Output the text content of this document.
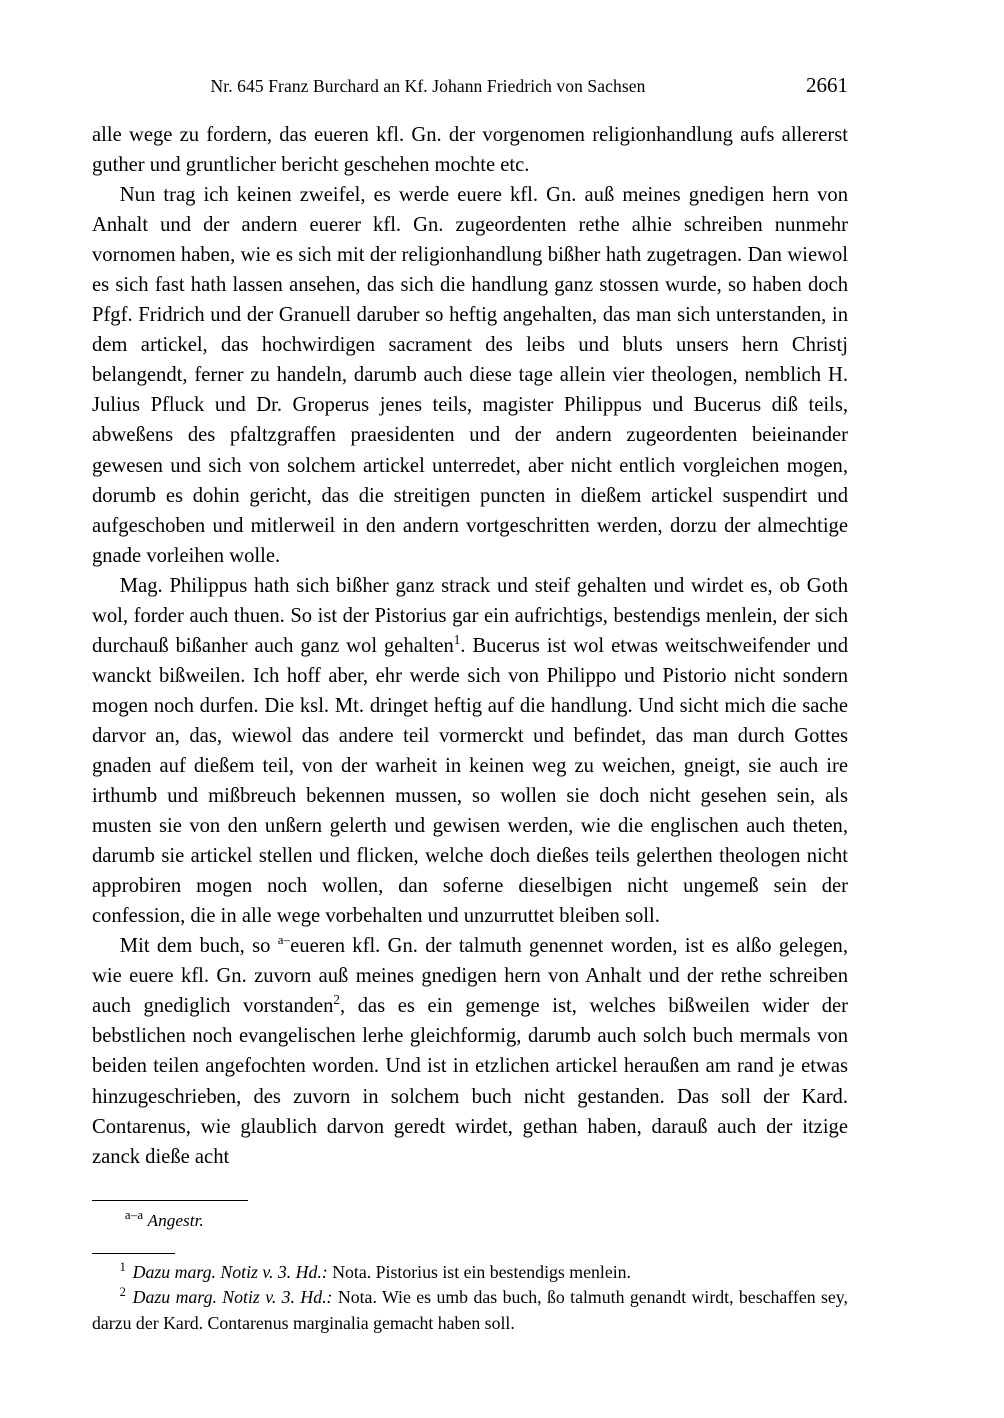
Nr. 645 Franz Burchard an Kf. Johann Friedrich von Sachsen	2661

alle wege zu fordern, das eueren kfl. Gn. der vorgenomen religionhandlung aufs allererst guther und gruntlicher bericht geschehen mochte etc.

Nun trag ich keinen zweifel, es werde euere kfl. Gn. auß meines gnedigen hern von Anhalt und der andern euerer kfl. Gn. zugeordenten rethe alhie schreiben nunmehr vornomen haben, wie es sich mit der religionhandlung bißher hath zugetragen. Dan wiewol es sich fast hath lassen ansehen, das sich die handlung ganz stossen wurde, so haben doch Pfgf. Fridrich und der Granuell daruber so heftig angehalten, das man sich unterstanden, in dem artickel, das hochwirdigen sacrament des leibs und bluts unsers hern Christj belangendt, ferner zu handeln, darumb auch diese tage allein vier theologen, nemblich H. Julius Pfluck und Dr. Groperus jenes teils, magister Philippus und Bucerus diß teils, abweßens des pfaltzgraffen praesidenten und der andern zugeordenten beieinander gewesen und sich von solchem artickel unterredet, aber nicht entlich vorgleichen mogen, dorumb es dohin gericht, das die streitigen puncten in dießem artickel suspendirt und aufgeschoben und mitlerweil in den andern vortgeschritten werden, dorzu der almechtige gnade vorleihen wolle.

Mag. Philippus hath sich bißher ganz strack und steif gehalten und wirdet es, ob Goth wol, forder auch thuen. So ist der Pistorius gar ein aufrichtigs, bestendigs menlein, der sich durchauß bißanher auch ganz wol gehalten$^1$. Bucerus ist wol etwas weitschweifender und wanckt bißweilen. Ich hoff aber, ehr werde sich von Philippo und Pistorio nicht sondern mogen noch durfen. Die ksl. Mt. dringet heftig auf die handlung. Und sicht mich die sache darvor an, das, wiewol das andere teil vormerckt und befindet, das man durch Gottes gnaden auf dießem teil, von der warheit in keinen weg zu weichen, gneigt, sie auch ire irthumb und mißbreuch bekennen mussen, so wollen sie doch nicht gesehen sein, als musten sie von den unßern gelerth und gewisen werden, wie die englischen auch theten, darumb sie artickel stellen und flicken, welche doch dießes teils gelerthen theologen nicht approbiren mogen noch wollen, dan soferne dieselbigen nicht ungemeß sein der confession, die in alle wege vorbehalten und unzurruttet bleiben soll.

Mit dem buch, so $^{a-}$eueren kfl. Gn. der talmuth genennet worden, ist es alßo gelegen, wie euere kfl. Gn. zuvorn auß meines gnedigen hern von Anhalt und der rethe schreiben auch gnediglich vorstanden$^2$, das es ein gemenge ist, welches bißweilen wider der bebstlichen noch evangelischen lerhe gleichformig, darumb auch solch buch mermals von beiden teilen angefochten worden. Und ist in etzlichen artickel heraußen am rand je etwas hinzugeschrieben, des zuvorn in solchem buch nicht gestanden. Das soll der Kard. Contarenus, wie glaublich darvon geredt wirdet, gethan haben, darauß auch der itzige zanck dieße acht

$^{a-a}$ Angestr.

$^1$ Dazu marg. Notiz v. 3. Hd.: Nota. Pistorius ist ein bestendigs menlein.

$^2$ Dazu marg. Notiz v. 3. Hd.: Nota. Wie es umb das buch, ßo talmuth genandt wirdt, beschaffen sey, darzu der Kard. Contarenus marginalia gemacht haben soll.
